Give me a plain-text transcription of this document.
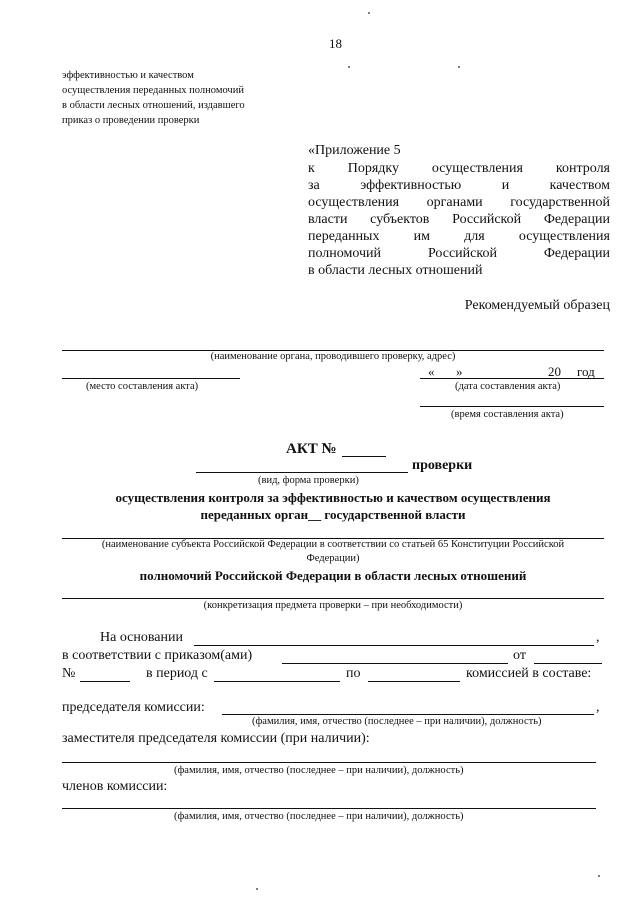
18
эффективностью и качеством
осуществления переданных полномочий
в области лесных отношений, издавшего
приказ о проведении проверки
«Приложение 5
к Порядку осуществления контроля
за	эффективностью	и	качеством
осуществления органами государственной
власти субъектов Российской Федерации
переданных им для осуществления
полномочий	Российской	Федерации
в области лесных отношений
Рекомендуемый образец
(наименование органа, проводившего проверку, адрес)
« »	20 год
(место составления акта)	(дата составления акта)
(время составления акта)
АКТ №
проверки
(вид, форма проверки)
осуществления контроля за эффективностью и качеством осуществления
переданных орган__ государственной власти
(наименование субъекта Российской Федерации в соответствии со статьей 65 Конституции Российской
Федерации)
полномочий Российской Федерации в области лесных отношений
(конкретизация предмета проверки – при необходимости)
На основании	,
в соответствии с приказом(ами)	от
№	в период с	по	комиссией в составе:
председателя комиссии:	,
(фамилия, имя, отчество (последнее – при наличии), должность)
заместителя председателя комиссии (при наличии):
(фамилия, имя, отчество (последнее – при наличии), должность)
членов комиссии:
(фамилия, имя, отчество (последнее – при наличии), должность)
